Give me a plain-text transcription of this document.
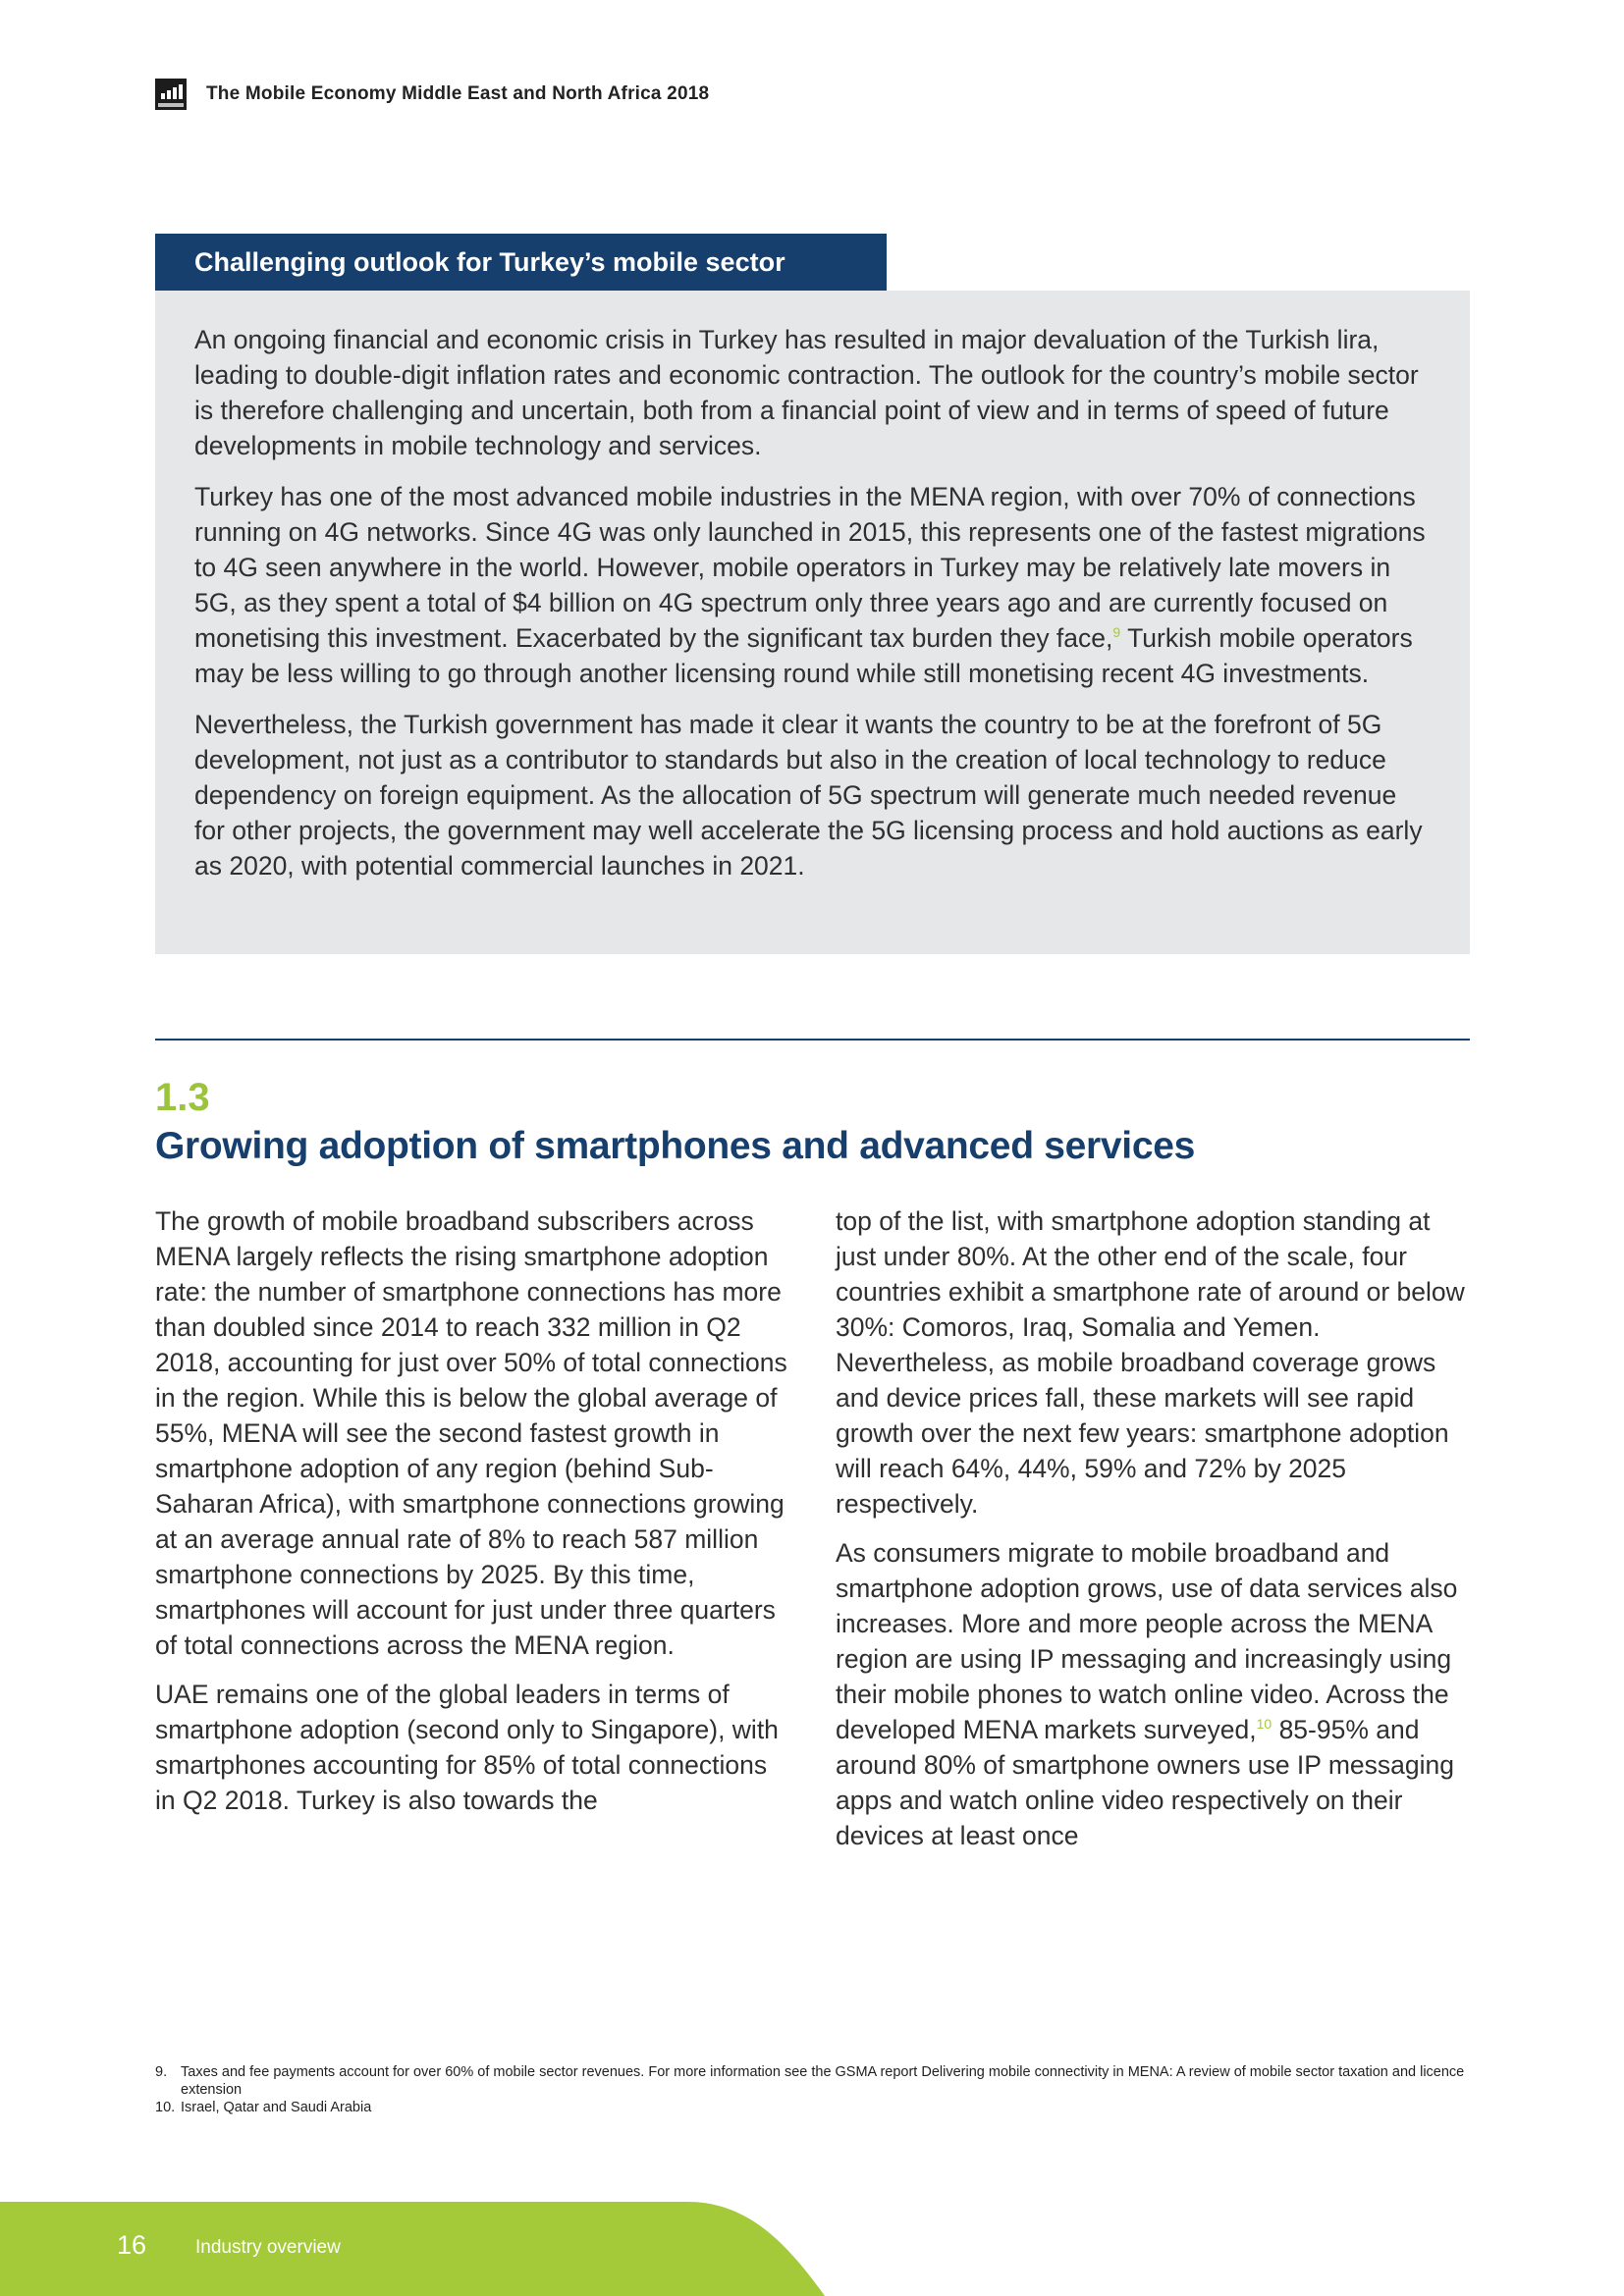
The Mobile Economy Middle East and North Africa 2018
Challenging outlook for Turkey’s mobile sector

An ongoing financial and economic crisis in Turkey has resulted in major devaluation of the Turkish lira, leading to double-digit inflation rates and economic contraction. The outlook for the country’s mobile sector is therefore challenging and uncertain, both from a financial point of view and in terms of speed of future developments in mobile technology and services.

Turkey has one of the most advanced mobile industries in the MENA region, with over 70% of connections running on 4G networks. Since 4G was only launched in 2015, this represents one of the fastest migrations to 4G seen anywhere in the world. However, mobile operators in Turkey may be relatively late movers in 5G, as they spent a total of $4 billion on 4G spectrum only three years ago and are currently focused on monetising this investment. Exacerbated by the significant tax burden they face,$^9$ Turkish mobile operators may be less willing to go through another licensing round while still monetising recent 4G investments.

Nevertheless, the Turkish government has made it clear it wants the country to be at the forefront of 5G development, not just as a contributor to standards but also in the creation of local technology to reduce dependency on foreign equipment. As the allocation of 5G spectrum will generate much needed revenue for other projects, the government may well accelerate the 5G licensing process and hold auctions as early as 2020, with potential commercial launches in 2021.

1.3
Growing adoption of smartphones and advanced services

The growth of mobile broadband subscribers across MENA largely reflects the rising smartphone adoption rate: the number of smartphone connections has more than doubled since 2014 to reach 332 million in Q2 2018, accounting for just over 50% of total connections in the region. While this is below the global average of 55%, MENA will see the second fastest growth in smartphone adoption of any region (behind Sub-Saharan Africa), with smartphone connections growing at an average annual rate of 8% to reach 587 million smartphone connections by 2025. By this time, smartphones will account for just under three quarters of total connections across the MENA region.

UAE remains one of the global leaders in terms of smartphone adoption (second only to Singapore), with smartphones accounting for 85% of total connections in Q2 2018. Turkey is also towards the

top of the list, with smartphone adoption standing at just under 80%. At the other end of the scale, four countries exhibit a smartphone rate of around or below 30%: Comoros, Iraq, Somalia and Yemen. Nevertheless, as mobile broadband coverage grows and device prices fall, these markets will see rapid growth over the next few years: smartphone adoption will reach 64%, 44%, 59% and 72% by 2025 respectively.

As consumers migrate to mobile broadband and smartphone adoption grows, use of data services also increases. More and more people across the MENA region are using IP messaging and increasingly using their mobile phones to watch online video. Across the developed MENA markets surveyed,$^{10}$ 85-95% and around 80% of smartphone owners use IP messaging apps and watch online video respectively on their devices at least once

9. Taxes and fee payments account for over 60% of mobile sector revenues. For more information see the GSMA report Delivering mobile connectivity in MENA: A review of mobile sector taxation and licence extension
10. Israel, Qatar and Saudi Arabia
16	Industry overview
